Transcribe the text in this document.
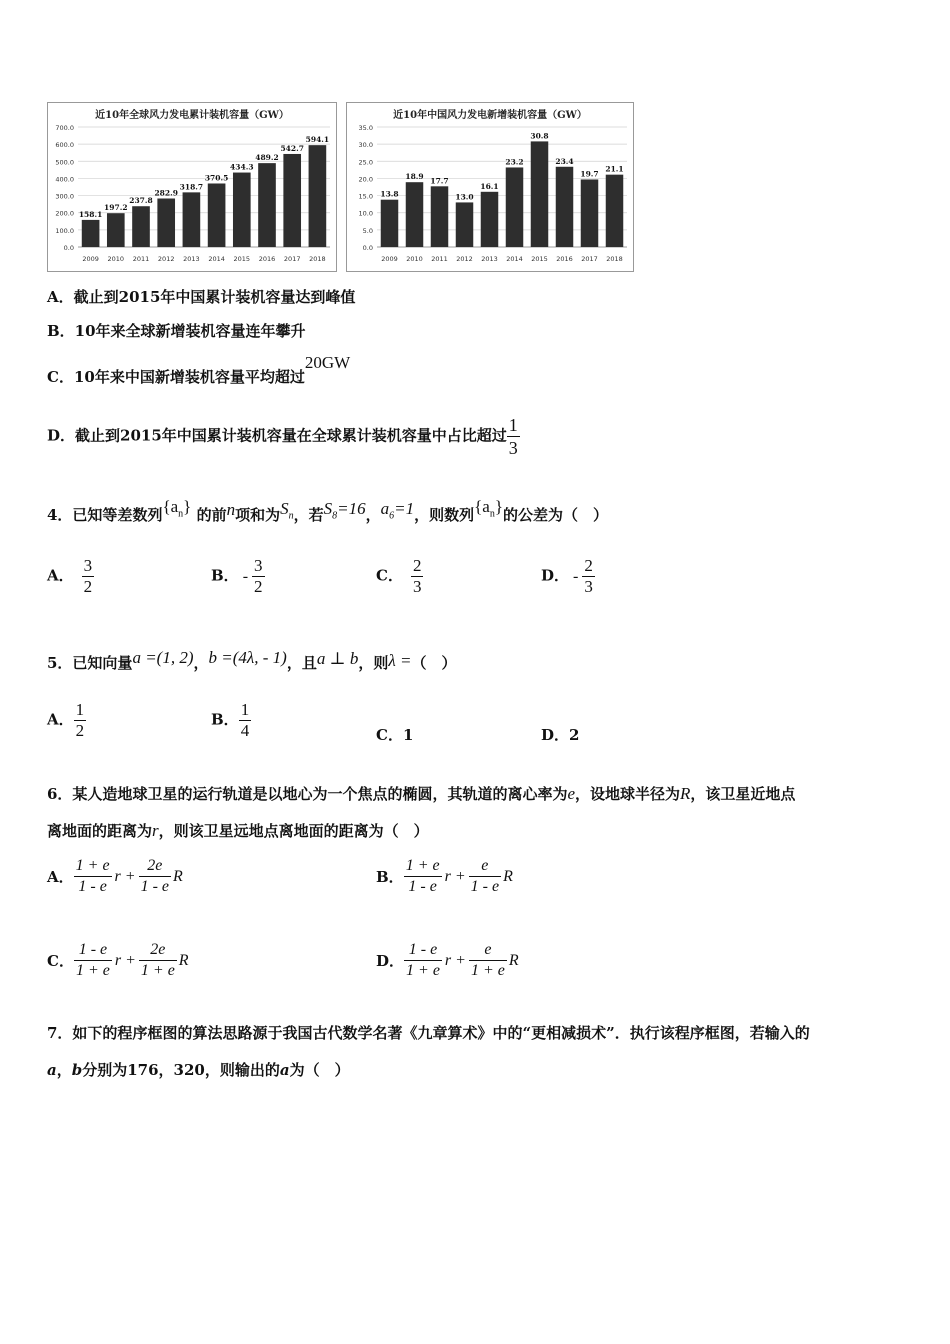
近10年全球风力发电累计装机容量（GW）
0.0
100.0
200.0
300.0
400.0
500.0
600.0
700.0
158.1
2009
197.2
2010
237.8
2011
282.9
2012
318.7
2013
370.5
2014
434.3
2015
489.2
2016
542.7
2017
594.1
2018
近10年中国风力发电新增装机容量（GW）
0.0
5.0
10.0
15.0
20.0
25.0
30.0
35.0
13.8
2009
18.9
2010
17.7
2011
13.0
2012
16.1
2013
23.2
2014
30.8
2015
23.4
2016
19.7
2017
21.1
2018
A．截止到2015年中国累计装机容量达到峰值
B．10年来全球新增装机容量连年攀升
C．10年来中国新增装机容量平均超过20GW
D．截止到2015年中国累计装机容量在全球累计装机容量中占比超过 $\frac{1}{3}$
4．已知等差数列$\{a_n\}$ 的前n项和为$S_n$，若$S_8=16$，$a_6=1$，则数列$\{a_n\}$的公差为（　）
A． $\frac{3}{2}$	B． - $\frac{3}{2}$	C． $\frac{2}{3}$	D． - $\frac{2}{3}$
5．已知向量a =(1, 2)，b =(4λ, - 1)，且a ⊥ b，则λ =（　）
A． $\frac{1}{2}$	B． $\frac{1}{4}$	C．1	D．2
6．某人造地球卫星的运行轨道是以地心为一个焦点的椭圆，其轨道的离心率为e，设地球半径为R，该卫星近地点
离地面的距离为r，则该卫星远地点离地面的距离为（　）
A． $\frac{1 + e}{1 - e}$ $r + \frac{2e}{1 - e}$ R	B． $\frac{1 + e}{1 - e}$ $r + \frac{e}{1 - e}$ R
C． $\frac{1 - e}{1 + e}$ $r + \frac{2e}{1 + e}$ R	D． $\frac{1 - e}{1 + e}$ $r + \frac{e}{1 + e}$ R
7．如下的程序框图的算法思路源于我国古代数学名著《九章算术》中的“更相减损术”．执行该程序框图，若输入的
a，b分别为176，320，则输出的a为（　）
